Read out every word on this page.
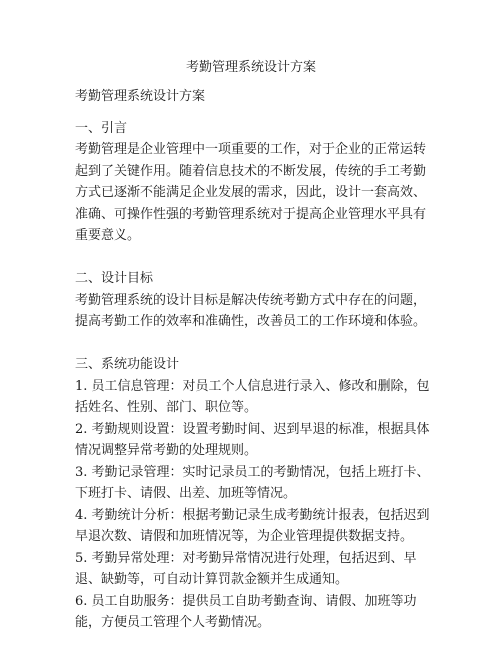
考勤管理系统设计方案

考勤管理系统设计方案

一、引言

考勤管理是企业管理中一项重要的工作，对于企业的正常运转起到了关键作用。随着信息技术的不断发展，传统的手工考勤方式已逐渐不能满足企业发展的需求，因此，设计一套高效、准确、可操作性强的考勤管理系统对于提高企业管理水平具有重要意义。

二、设计目标

考勤管理系统的设计目标是解决传统考勤方式中存在的问题，提高考勤工作的效率和准确性，改善员工的工作环境和体验。

三、系统功能设计

1. 员工信息管理：对员工个人信息进行录入、修改和删除，包括姓名、性别、部门、职位等。

2. 考勤规则设置：设置考勤时间、迟到早退的标准，根据具体情况调整异常考勤的处理规则。

3. 考勤记录管理：实时记录员工的考勤情况，包括上班打卡、下班打卡、请假、出差、加班等情况。

4. 考勤统计分析：根据考勤记录生成考勤统计报表，包括迟到早退次数、请假和加班情况等，为企业管理提供数据支持。

5. 考勤异常处理：对考勤异常情况进行处理，包括迟到、早退、缺勤等，可自动计算罚款金额并生成通知。

6. 员工自助服务：提供员工自助考勤查询、请假、加班等功能，方便员工管理个人考勤情况。
